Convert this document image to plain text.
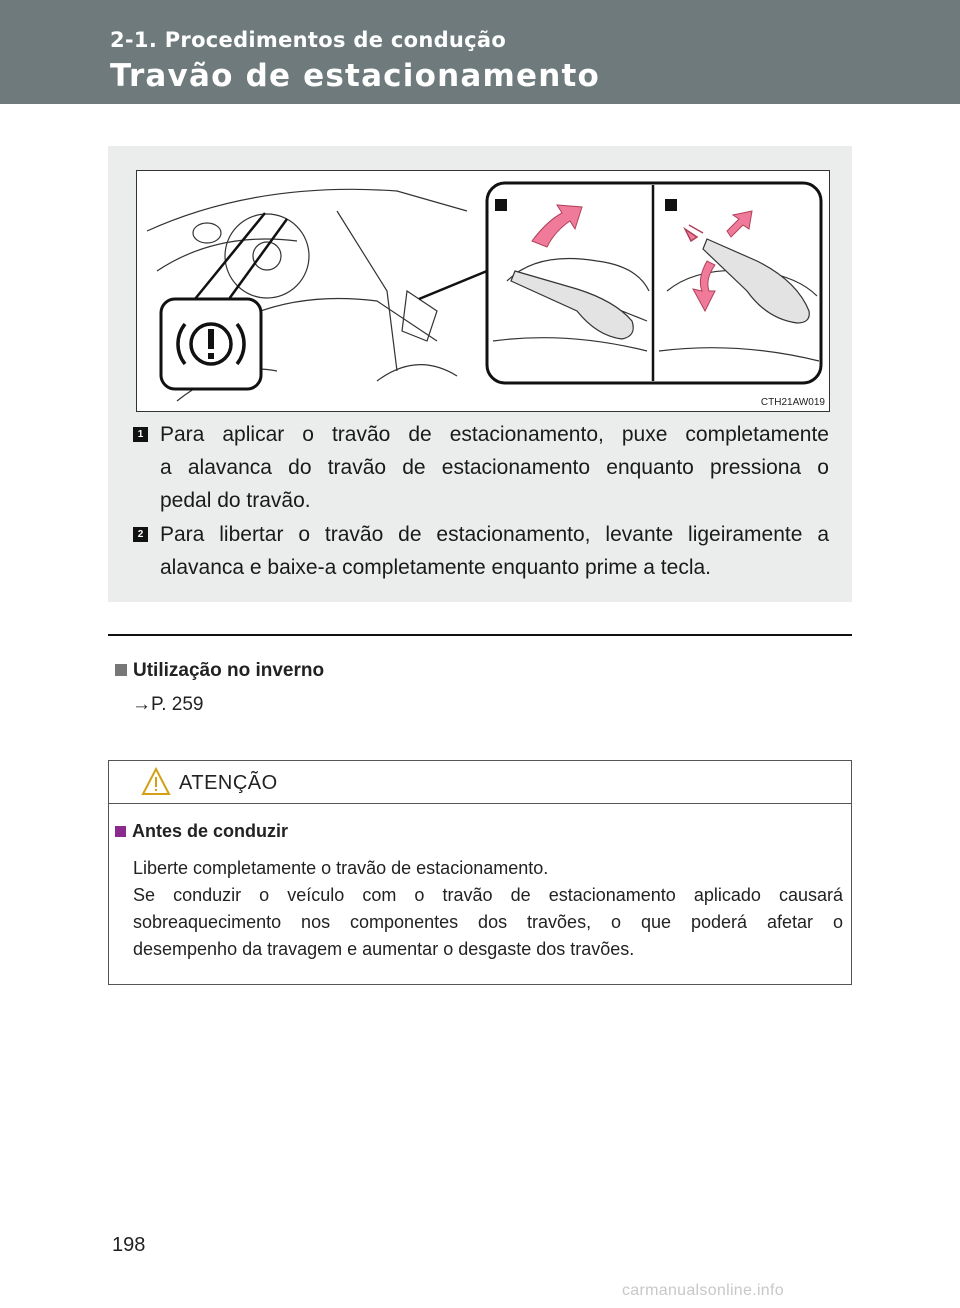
2-1. Procedimentos de condução
Travão de estacionamento
CTH21AW019
1 Para aplicar o travão de estacionamento, puxe completamente
a alavanca do travão de estacionamento enquanto pressiona o
pedal do travão.
2 Para libertar o travão de estacionamento, levante ligeiramente a
alavanca e baixe-a completamente enquanto prime a tecla.
Utilização no inverno
→P. 259
ATENÇÃO
Antes de conduzir
Liberte completamente o travão de estacionamento.
Se conduzir o veículo com o travão de estacionamento aplicado causará
sobreaquecimento nos componentes dos travões, o que poderá afetar o
desempenho da travagem e aumentar o desgaste dos travões.
198
carmanualsonline.info
